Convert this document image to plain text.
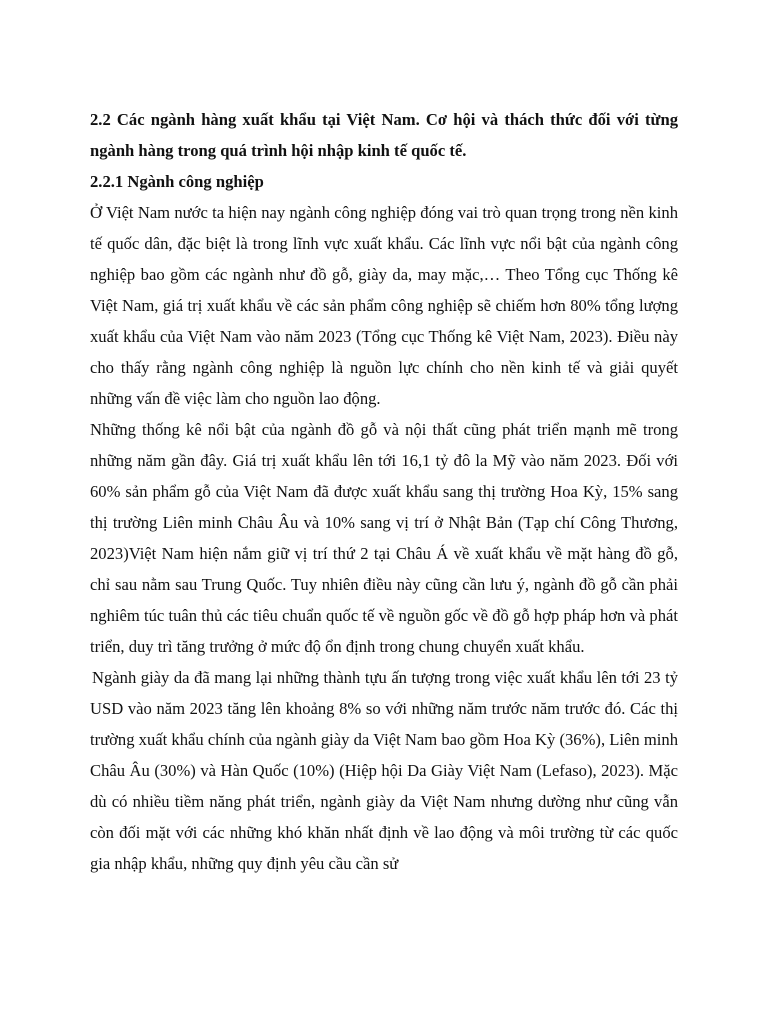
2.2 Các ngành hàng xuất khẩu tại Việt Nam. Cơ hội và thách thức đối với từng ngành hàng trong quá trình hội nhập kinh tế quốc tế.

2.2.1 Ngành công nghiệp

Ở Việt Nam nước ta hiện nay ngành công nghiệp đóng vai trò quan trọng trong nền kinh tế quốc dân, đặc biệt là trong lĩnh vực xuất khẩu. Các lĩnh vực nổi bật của ngành công nghiệp bao gồm các ngành như đồ gỗ, giày da, may mặc,… Theo Tổng cục Thống kê Việt Nam, giá trị xuất khẩu về các sản phẩm công nghiệp sẽ chiếm hơn 80% tổng lượng xuất khẩu của Việt Nam vào năm 2023 (Tổng cục Thống kê Việt Nam, 2023). Điều này cho thấy rằng ngành công nghiệp là nguồn lực chính cho nền kinh tế và giải quyết những vấn đề việc làm cho nguồn lao động.

Những thống kê nổi bật của ngành đồ gỗ và nội thất cũng phát triển mạnh mẽ trong những năm gần đây. Giá trị xuất khẩu lên tới 16,1 tỷ đô la Mỹ vào năm 2023. Đối với 60% sản phẩm gỗ của Việt Nam đã được xuất khẩu sang thị trường Hoa Kỳ, 15% sang thị trường Liên minh Châu Âu và 10% sang vị trí ở Nhật Bản (Tạp chí Công Thương, 2023)Việt Nam hiện nắm giữ vị trí thứ 2 tại Châu Á về xuất khẩu về mặt hàng đồ gỗ, chỉ sau nằm sau Trung Quốc. Tuy nhiên điều này cũng cần lưu ý, ngành đồ gỗ cần phải nghiêm túc tuân thủ các tiêu chuẩn quốc tế về nguồn gốc về đồ gỗ hợp pháp hơn và phát triển, duy trì tăng trưởng ở mức độ ổn định trong chung chuyển xuất khẩu.

Ngành giày da đã mang lại những thành tựu ấn tượng trong việc xuất khẩu lên tới 23 tỷ USD vào năm 2023 tăng lên khoảng 8% so với những năm trước năm trước đó. Các thị trường xuất khẩu chính của ngành giày da Việt Nam bao gồm Hoa Kỳ (36%), Liên minh Châu Âu (30%) và Hàn Quốc (10%) (Hiệp hội Da Giày Việt Nam (Lefaso), 2023). Mặc dù có nhiều tiềm năng phát triển, ngành giày da Việt Nam nhưng dường như cũng vẫn còn đối mặt với các những khó khăn nhất định về lao động và môi trường từ các quốc gia nhập khẩu, những quy định yêu cầu cần sử
